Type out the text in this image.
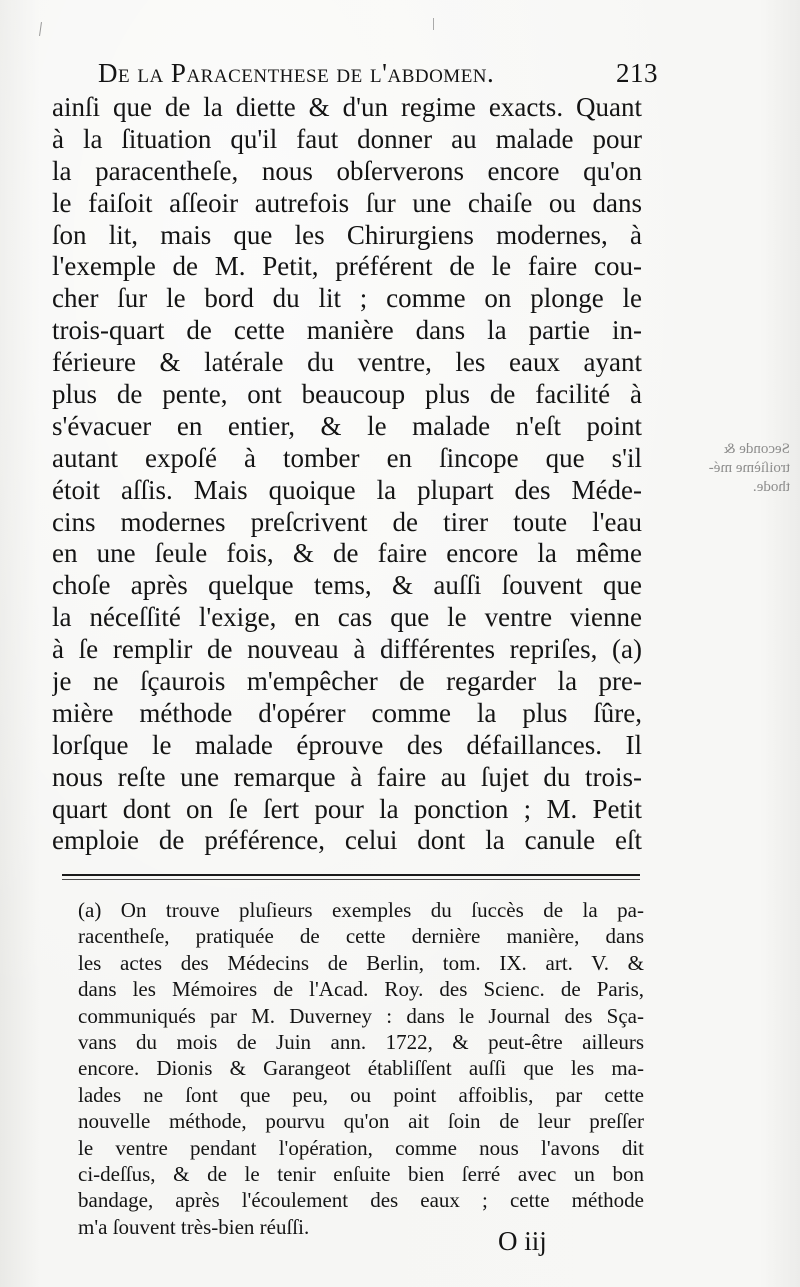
De la Paracenthese de l'abdomen.	213
ainſi que de la diette & d'un regime exacts. Quant
à la ſituation qu'il faut donner au malade pour
la paracentheſe, nous obſerverons encore qu'on
le faiſoit aſſeoir autrefois ſur une chaiſe ou dans
ſon lit, mais que les Chirurgiens modernes, à
l'exemple de M. Petit, préférent de le faire cou-
cher ſur le bord du lit ; comme on plonge le
trois-quart de cette manière dans la partie in-
férieure & latérale du ventre, les eaux ayant
plus de pente, ont beaucoup plus de facilité à
s'évacuer en entier, & le malade n'eſt point
autant expoſé à tomber en ſincope que s'il
étoit aſſis. Mais quoique la plupart des Méde-
cins modernes preſcrivent de tirer toute l'eau
en une ſeule fois, & de faire encore la même
choſe après quelque tems, & auſſi ſouvent que
la néceſſité l'exige, en cas que le ventre vienne
à ſe remplir de nouveau à différentes repriſes, (a)
je ne ſçaurois m'empêcher de regarder la pre-
mière méthode d'opérer comme la plus ſûre,
lorſque le malade éprouve des défaillances. Il
nous reſte une remarque à faire au ſujet du trois-
quart dont on ſe ſert pour la ponction ; M. Petit
emploie de préférence, celui dont la canule eſt
Seconde &
troiſième mé-
thode.
(a) On trouve pluſieurs exemples du ſuccès de la pa-
racentheſe, pratiquée de cette dernière manière, dans
les actes des Médecins de Berlin, tom. IX. art. V. &
dans les Mémoires de l'Acad. Roy. des Scienc. de Paris,
communiqués par M. Duverney : dans le Journal des Sça-
vans du mois de Juin ann. 1722, & peut-être ailleurs
encore. Dionis & Garangeot établiſſent auſſi que les ma-
lades ne ſont que peu, ou point affoiblis, par cette
nouvelle méthode, pourvu qu'on ait ſoin de leur preſſer
le ventre pendant l'opération, comme nous l'avons dit
ci-deſſus, & de le tenir enſuite bien ſerré avec un bon
bandage, après l'écoulement des eaux ; cette méthode
m'a ſouvent très-bien réuſſi.	O iij
